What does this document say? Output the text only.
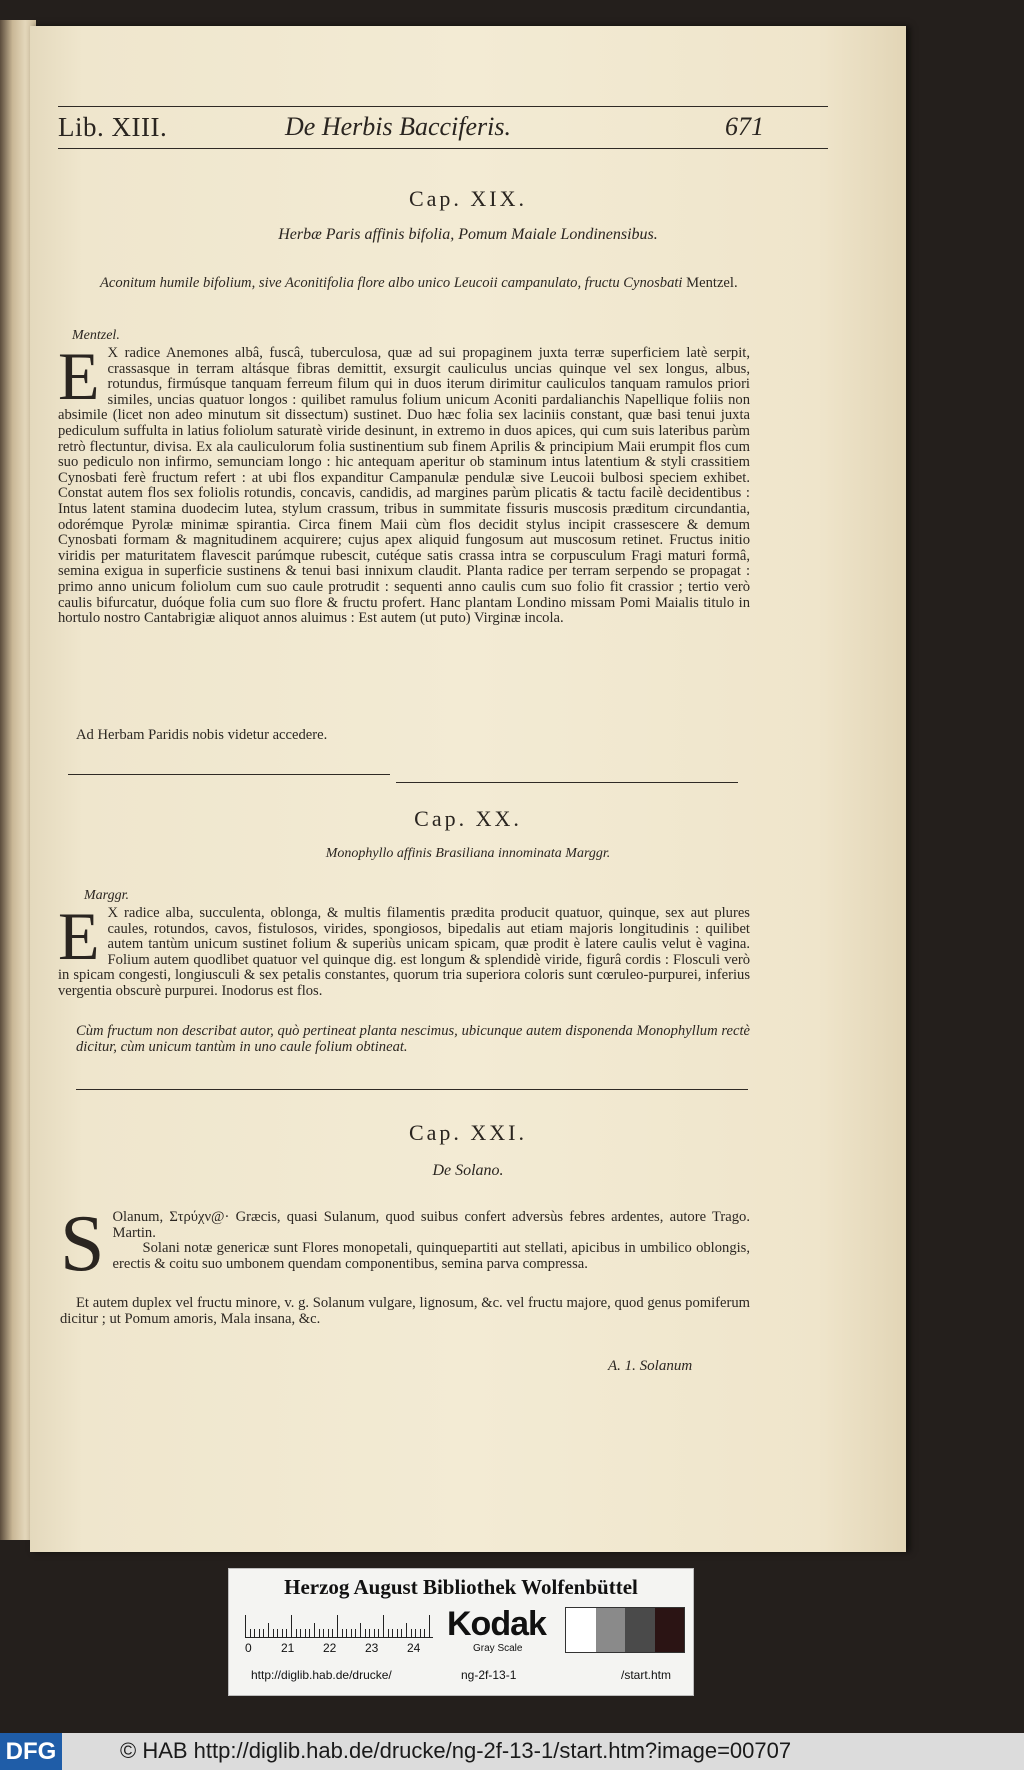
Lib. XIII.	De Herbis Bacciferis.	671
Cap. XIX.
Herbæ Paris affinis bifolia, Pomum Maiale Londinensibus.
Aconitum humile bifolium, sive Aconitifolia flore albo unico Leucoii campanulato, fructu Cynosbati Mentzel.
Mentzel.
E X radice Anemones albâ, fuscâ, tuberculosa, quæ ad sui propaginem juxta terræ superficiem latè serpit, crassasque in terram altásque fibras demittit, exsurgit cauliculus uncias quinque vel sex longus, albus, rotundus, firmúsque tanquam ferreum filum qui in duos iterum dirimitur cauliculos tanquam ramulos priori similes, uncias quatuor longos : quilibet ramulus folium unicum Aconiti pardalianchis Napellique foliis non absimile (licet non adeo minutum sit dissectum) sustinet. Duo hæc folia sex laciniis constant, quæ basi tenui juxta pediculum suffulta in latius foliolum saturatè viride desinunt, in extremo in duos apices, qui cum suis lateribus parùm retrò flectuntur, divisa. Ex ala cauliculorum folia sustinentium sub finem Aprilis & principium Maii erumpit flos cum suo pediculo non infirmo, semunciam longo : hic antequam aperitur ob staminum intus latentium & styli crassitiem Cynosbati ferè fructum refert : at ubi flos expanditur Campanulæ pendulæ sive Leucoii bulbosi speciem exhibet. Constat autem flos sex foliolis rotundis, concavis, candidis, ad margines parùm plicatis & tactu facilè decidentibus : Intus latent stamina duodecim lutea, stylum crassum, tribus in summitate fissuris muscosis præditum circundantia, odorémque Pyrolæ minimæ spirantia. Circa finem Maii cùm flos decidit stylus incipit crassescere & demum Cynosbati formam & magnitudinem acquirere; cujus apex aliquid fungosum aut muscosum retinet. Fructus initio viridis per maturitatem flavescit parúmque rubescit, cutéque satis crassa intra se corpusculum Fragi maturi formâ, semina exigua in superficie sustinens & tenui basi innixum claudit. Planta radice per terram serpendo se propagat : primo anno unicum foliolum cum suo caule protrudit : sequenti anno caulis cum suo folio fit crassior ; tertio verò caulis bifurcatur, duóque folia cum suo flore & fructu profert. Hanc plantam Londino missam Pomi Maialis titulo in hortulo nostro Cantabrigiæ aliquot annos aluimus : Est autem (ut puto) Virginæ incola.
Ad Herbam Paridis nobis videtur accedere.
Cap. XX.
Monophyllo affinis Brasiliana innominata Marggr.
Marggr.
E X radice alba, succulenta, oblonga, & multis filamentis prædita producit quatuor, quinque, sex aut plures caules, rotundos, cavos, fistulosos, virides, spongiosos, bipedalis aut etiam majoris longitudinis : quilibet autem tantùm unicum sustinet folium & superiùs unicam spicam, quæ prodit è latere caulis velut è vagina. Folium autem quodlibet quatuor vel quinque dig. est longum & splendidè viride, figurâ cordis : Flosculi verò in spicam congesti, longiusculi & sex petalis constantes, quorum tria superiora coloris sunt cœruleo-purpurei, inferius vergentia obscurè purpurei. Inodorus est flos.
Cùm fructum non describat autor, quò pertineat planta nescimus, ubicunque autem disponenda Monophyllum rectè dicitur, cùm unicum tantùm in uno caule folium obtineat.
Cap. XXI.
De Solano.
S Olanum, Στρύχν@· Græcis, quasi Sulanum, quod suibus confert adversùs febres ardentes, autore Trago. Martin.
Solani notæ genericæ sunt Flores monopetali, quinquepartiti aut stellati, apicibus in umbilico oblongis, erectis & coitu suo umbonem quendam componentibus, semina parva compressa.
Et autem duplex vel fructu minore, v. g. Solanum vulgare, lignosum, &c. vel fructu majore, quod genus pomiferum dicitur ; ut Pomum amoris, Mala insana, &c.
A. 1. Solanum
Herzog August Bibliothek Wolfenbüttel
0 21 22 23 24
Kodak
Gray Scale
http://diglib.hab.de/drucke/	ng-2f-13-1	/start.htm
DFG	© HAB http://diglib.hab.de/drucke/ng-2f-13-1/start.htm?image=00707
